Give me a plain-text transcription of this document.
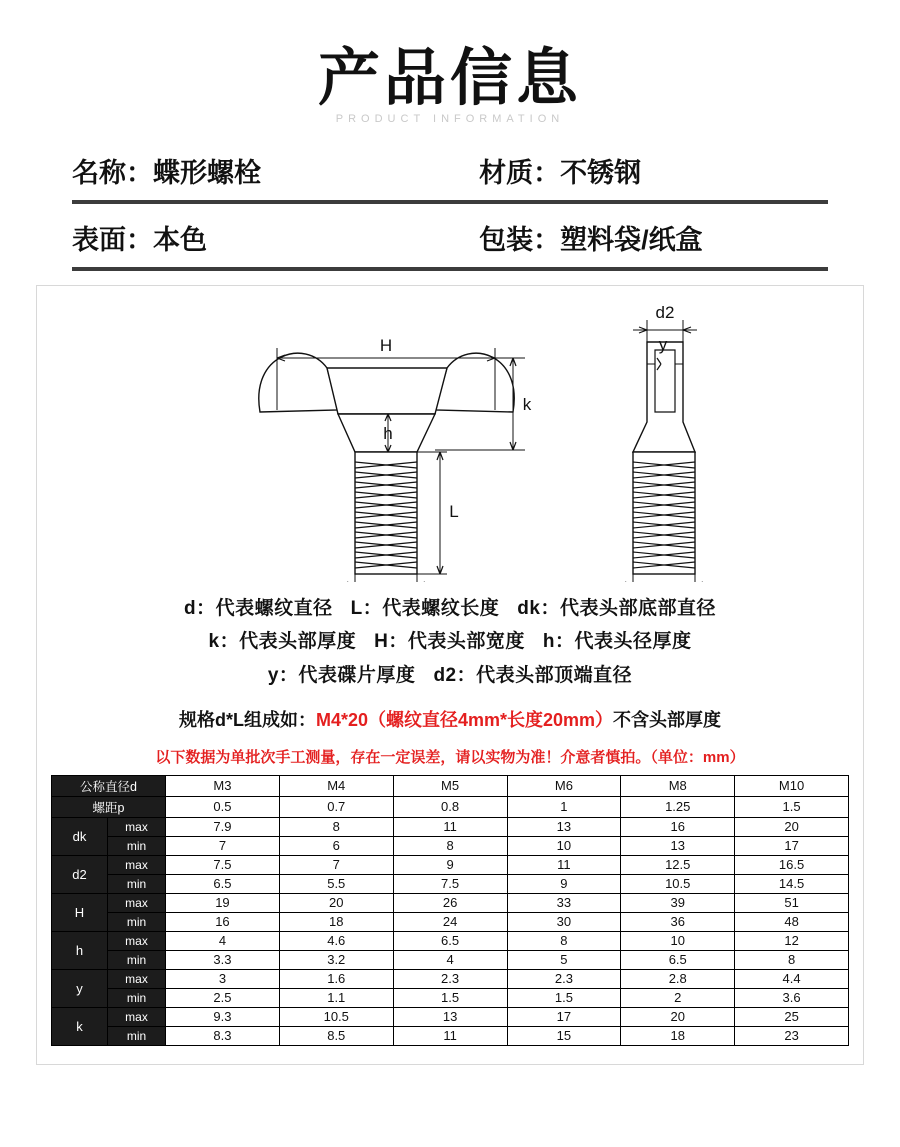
产品信息
PRODUCT INFORMATION
名称：蝶形螺栓	材质：不锈钢
表面：本色	包装：塑料袋/纸盒
H
k
h
L
d2
y
d：代表螺纹直径 L：代表螺纹长度 dk：代表头部底部直径
k：代表头部厚度 H：代表头部宽度 h：代表头径厚度
y：代表碟片厚度 d2：代表头部顶端直径
规格d*L组成如：M4*20（螺纹直径4mm*长度20mm）不含头部厚度
以下数据为单批次手工测量，存在一定误差，请以实物为准！介意者慎拍。（单位：mm）
公称直径d		M3	M4	M5	M6	M8	M10
螺距p		0.5	0.7	0.8	1	1.25	1.5
dk	max	7.9	8	11	13	16	20
	min	7	6	8	10	13	17
d2	max	7.5	7	9	11	12.5	16.5
	min	6.5	5.5	7.5	9	10.5	14.5
H	max	19	20	26	33	39	51
	min	16	18	24	30	36	48
h	max	4	4.6	6.5	8	10	12
	min	3.3	3.2	4	5	6.5	8
y	max	3	1.6	2.3	2.3	2.8	4.4
	min	2.5	1.1	1.5	1.5	2	3.6
k	max	9.3	10.5	13	17	20	25
	min	8.3	8.5	11	15	18	23
